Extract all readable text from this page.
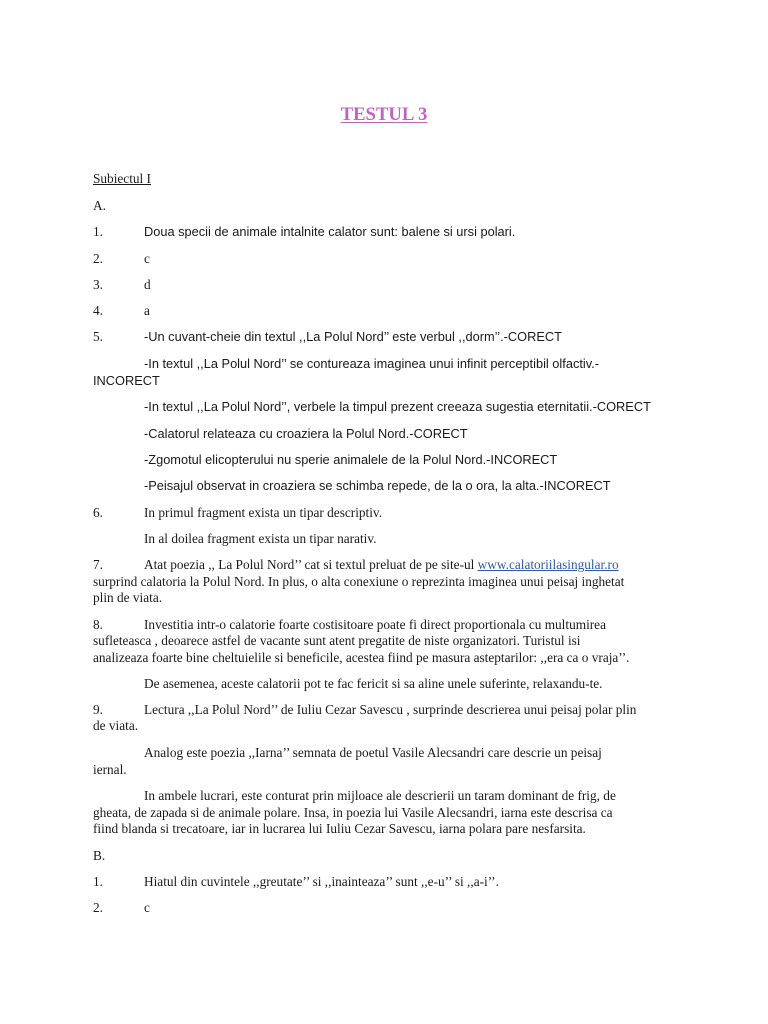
TESTUL 3
Subiectul I
A.
1.	Doua specii de animale intalnite calator sunt: balene si ursi polari.
2.	c
3.	d
4.	a
5.	-Un cuvant-cheie din textul ,,La Polul Nord’’ este verbul ,,dorm’’.-CORECT
-In textul ,,La Polul Nord’’ se contureaza imaginea unui infinit perceptibil olfactiv.-
INCORECT
-In textul ,,La Polul Nord’’, verbele la timpul prezent creeaza sugestia eternitatii.-CORECT
-Calatorul relateaza cu croaziera la Polul Nord.-CORECT
-Zgomotul elicopterului nu sperie animalele de la Polul Nord.-INCORECT
-Peisajul observat in croaziera se schimba repede, de la o ora, la alta.-INCORECT
6.	In primul fragment exista un tipar descriptiv.
In al doilea fragment exista un tipar narativ.
7.	Atat poezia ,, La Polul Nord’’ cat si textul preluat de pe site-ul www.calatoriilasingular.ro
surprind calatoria la Polul Nord. In plus, o alta conexiune o reprezinta imaginea unui peisaj inghetat
plin de viata.
8.	Investitia intr-o calatorie foarte costisitoare poate fi direct proportionala cu multumirea
sufleteasca , deoarece astfel de vacante sunt atent pregatite de niste organizatori. Turistul isi
analizeaza foarte bine cheltuielile si beneficile, acestea fiind pe masura asteptarilor: ,,era ca o vraja’’.
De asemenea, aceste calatorii pot te fac fericit si sa aline unele suferinte, relaxandu-te.
9.	Lectura ,,La Polul Nord’’ de Iuliu Cezar Savescu , surprinde descrierea unui peisaj polar plin
de viata.
Analog este poezia ,,Iarna’’ semnata de poetul Vasile Alecsandri care descrie un peisaj
iernal.
In ambele lucrari, este conturat prin mijloace ale descrierii un taram dominant de frig, de
gheata, de zapada si de animale polare. Insa, in poezia lui Vasile Alecsandri, iarna este descrisa ca
fiind blanda si trecatoare, iar in lucrarea lui Iuliu Cezar Savescu, iarna polara pare nesfarsita.
B.
1.	Hiatul din cuvintele ,,greutate’’ si ,,inainteaza’’ sunt ,,e-u’’ si ,,a-i’’.
2.	c
